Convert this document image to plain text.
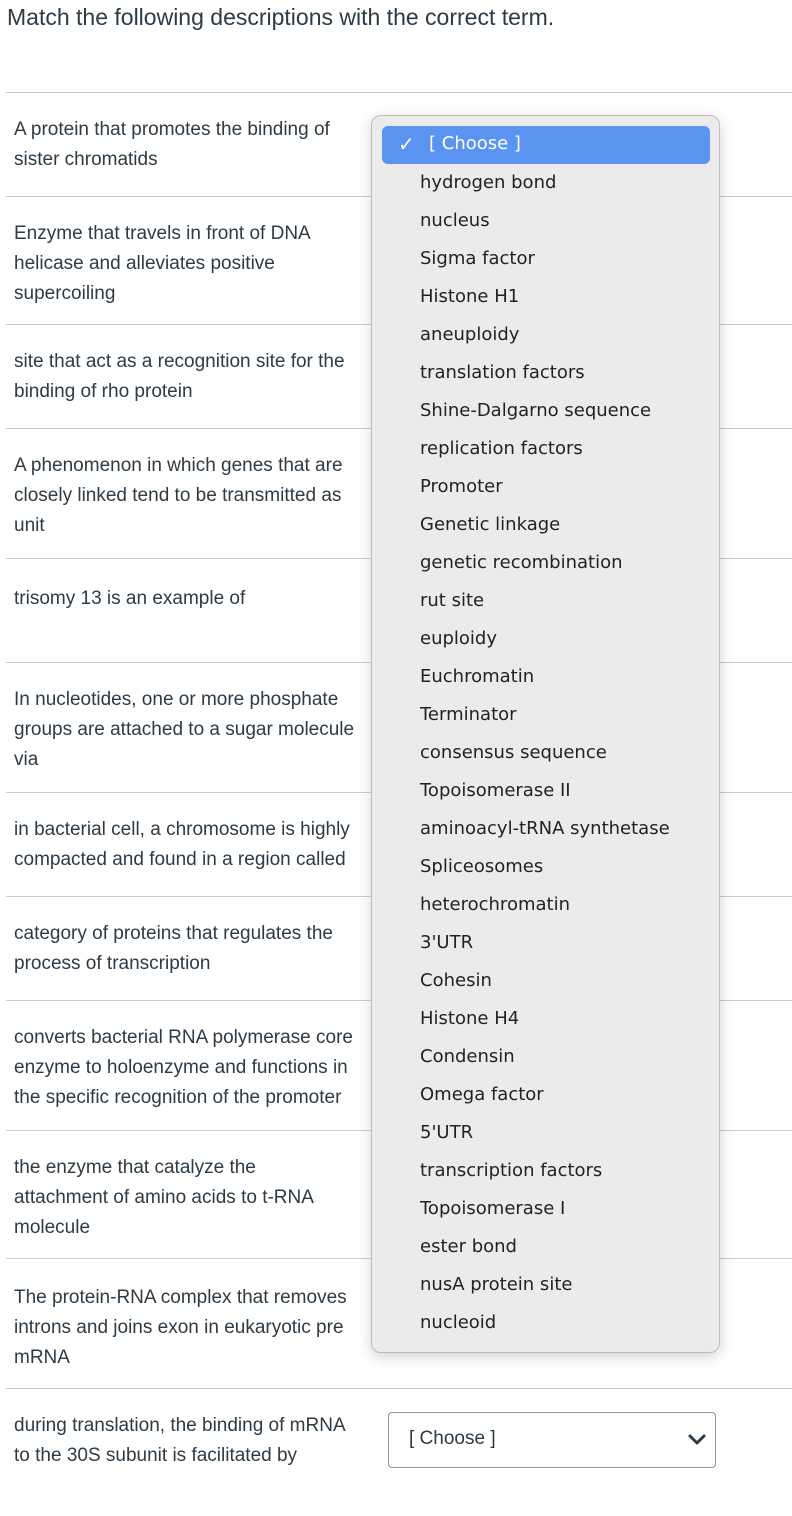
Match the following descriptions with the correct term.
A protein that promotes the binding of
sister chromatids
Enzyme that travels in front of DNA
helicase and alleviates positive
supercoiling
site that act as a recognition site for the
binding of rho protein
A phenomenon in which genes that are
closely linked tend to be transmitted as
unit
trisomy 13 is an example of
In nucleotides, one or more phosphate
groups are attached to a sugar molecule
via
in bacterial cell, a chromosome is highly
compacted and found in a region called
category of proteins that regulates the
process of transcription
converts bacterial RNA polymerase core
enzyme to holoenzyme and functions in
the specific recognition of the promoter
the enzyme that catalyze the
attachment of amino acids to t-RNA
molecule
The protein-RNA complex that removes
introns and joins exon in eukaryotic pre
mRNA
during translation, the binding of mRNA
to the 30S subunit is facilitated by
[ Choose ]
✓ [ Choose ]
hydrogen bond
nucleus
Sigma factor
Histone H1
aneuploidy
translation factors
Shine-Dalgarno sequence
replication factors
Promoter
Genetic linkage
genetic recombination
rut site
euploidy
Euchromatin
Terminator
consensus sequence
Topoisomerase II
aminoacyl-tRNA synthetase
Spliceosomes
heterochromatin
3'UTR
Cohesin
Histone H4
Condensin
Omega factor
5'UTR
transcription factors
Topoisomerase I
ester bond
nusA protein site
nucleoid
